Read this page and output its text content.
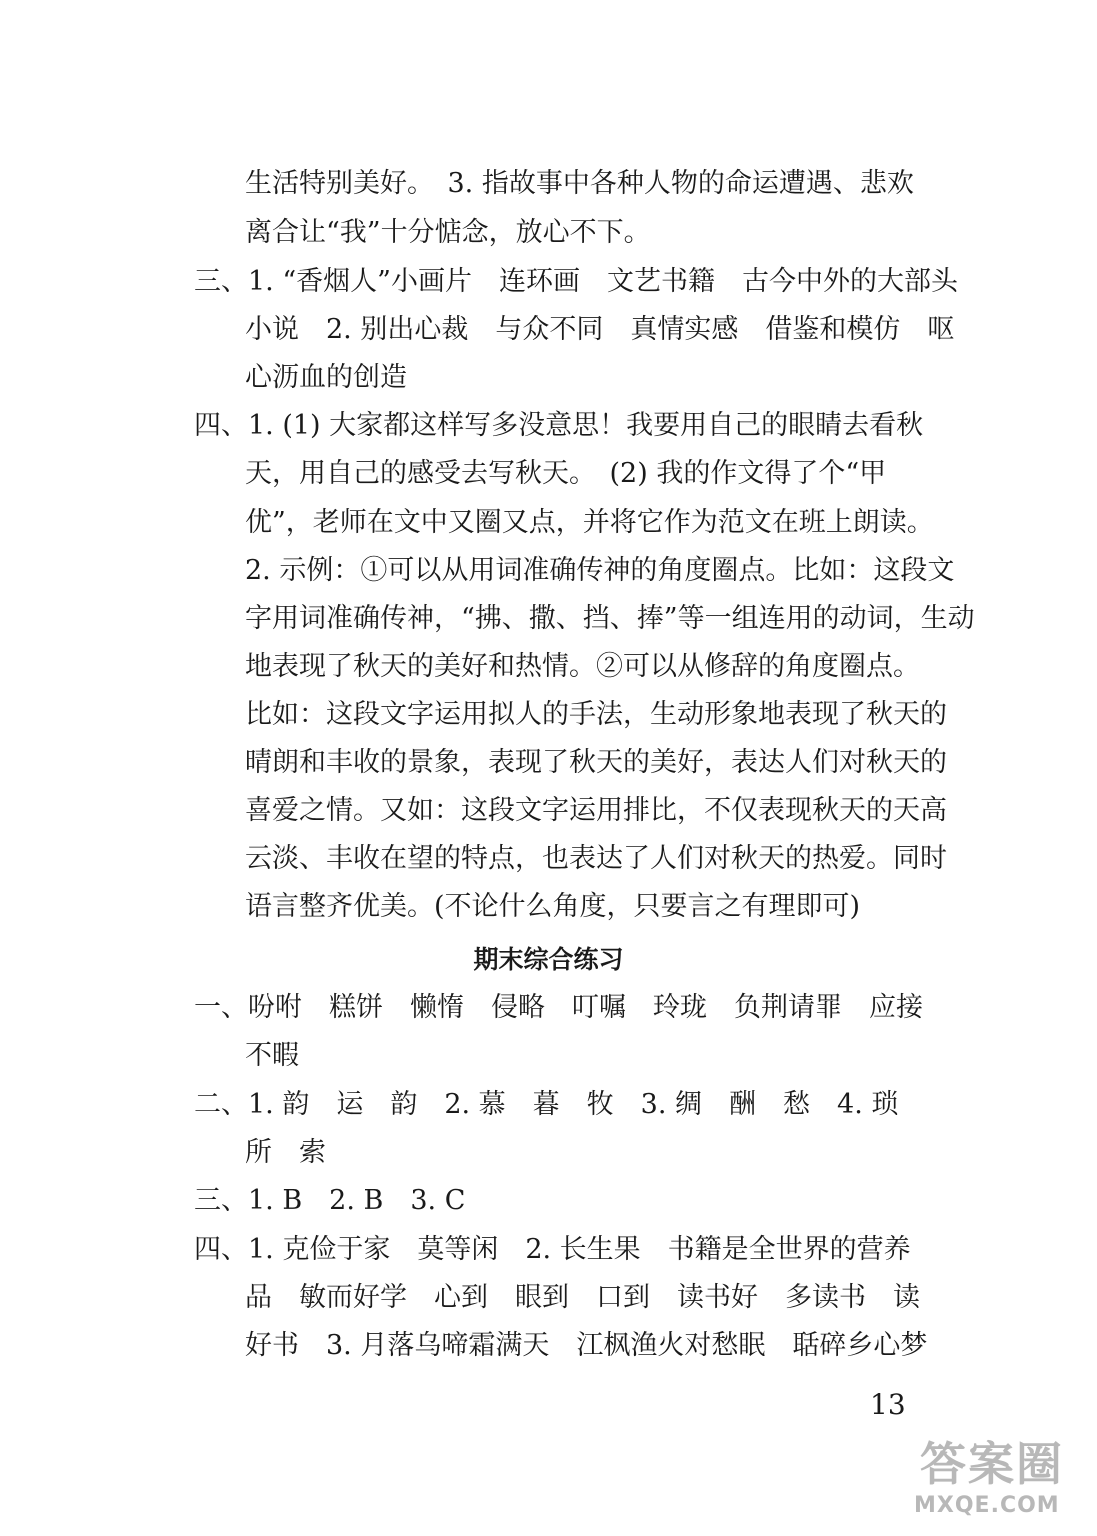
生活特别美好。　3. 指故事中各种人物的命运遭遇、悲欢
离合让“我”十分惦念，放心不下。
三、1. “香烟人”小画片　连环画　文艺书籍　古今中外的大部头
小说　2. 别出心裁　与众不同　真情实感　借鉴和模仿　呕
心沥血的创造
四、1. (1) 大家都这样写多没意思！我要用自己的眼睛去看秋
天，用自己的感受去写秋天。　(2) 我的作文得了个“甲
优”，老师在文中又圈又点，并将它作为范文在班上朗读。
2. 示例：①可以从用词准确传神的角度圈点。比如：这段文
字用词准确传神，“拂、撒、挡、捧”等一组连用的动词，生动
地表现了秋天的美好和热情。②可以从修辞的角度圈点。
比如：这段文字运用拟人的手法，生动形象地表现了秋天的
晴朗和丰收的景象，表现了秋天的美好，表达人们对秋天的
喜爱之情。又如：这段文字运用排比，不仅表现秋天的天高
云淡、丰收在望的特点，也表达了人们对秋天的热爱。同时
语言整齐优美。(不论什么角度，只要言之有理即可)
期末综合练习
一、吩咐　糕饼　懒惰　侵略　叮嘱　玲珑　负荆请罪　应接
不暇
二、1. 韵　运　韵　2. 慕　暮　牧　3. 绸　酬　愁　4. 琐
所　索
三、1. B　2. B　3. C
四、1. 克俭于家　莫等闲　2. 长生果　书籍是全世界的营养
品　敏而好学　心到　眼到　口到　读书好　多读书　读
好书　3. 月落乌啼霜满天　江枫渔火对愁眠　聒碎乡心梦
13
答案圈
MXQE.COM
